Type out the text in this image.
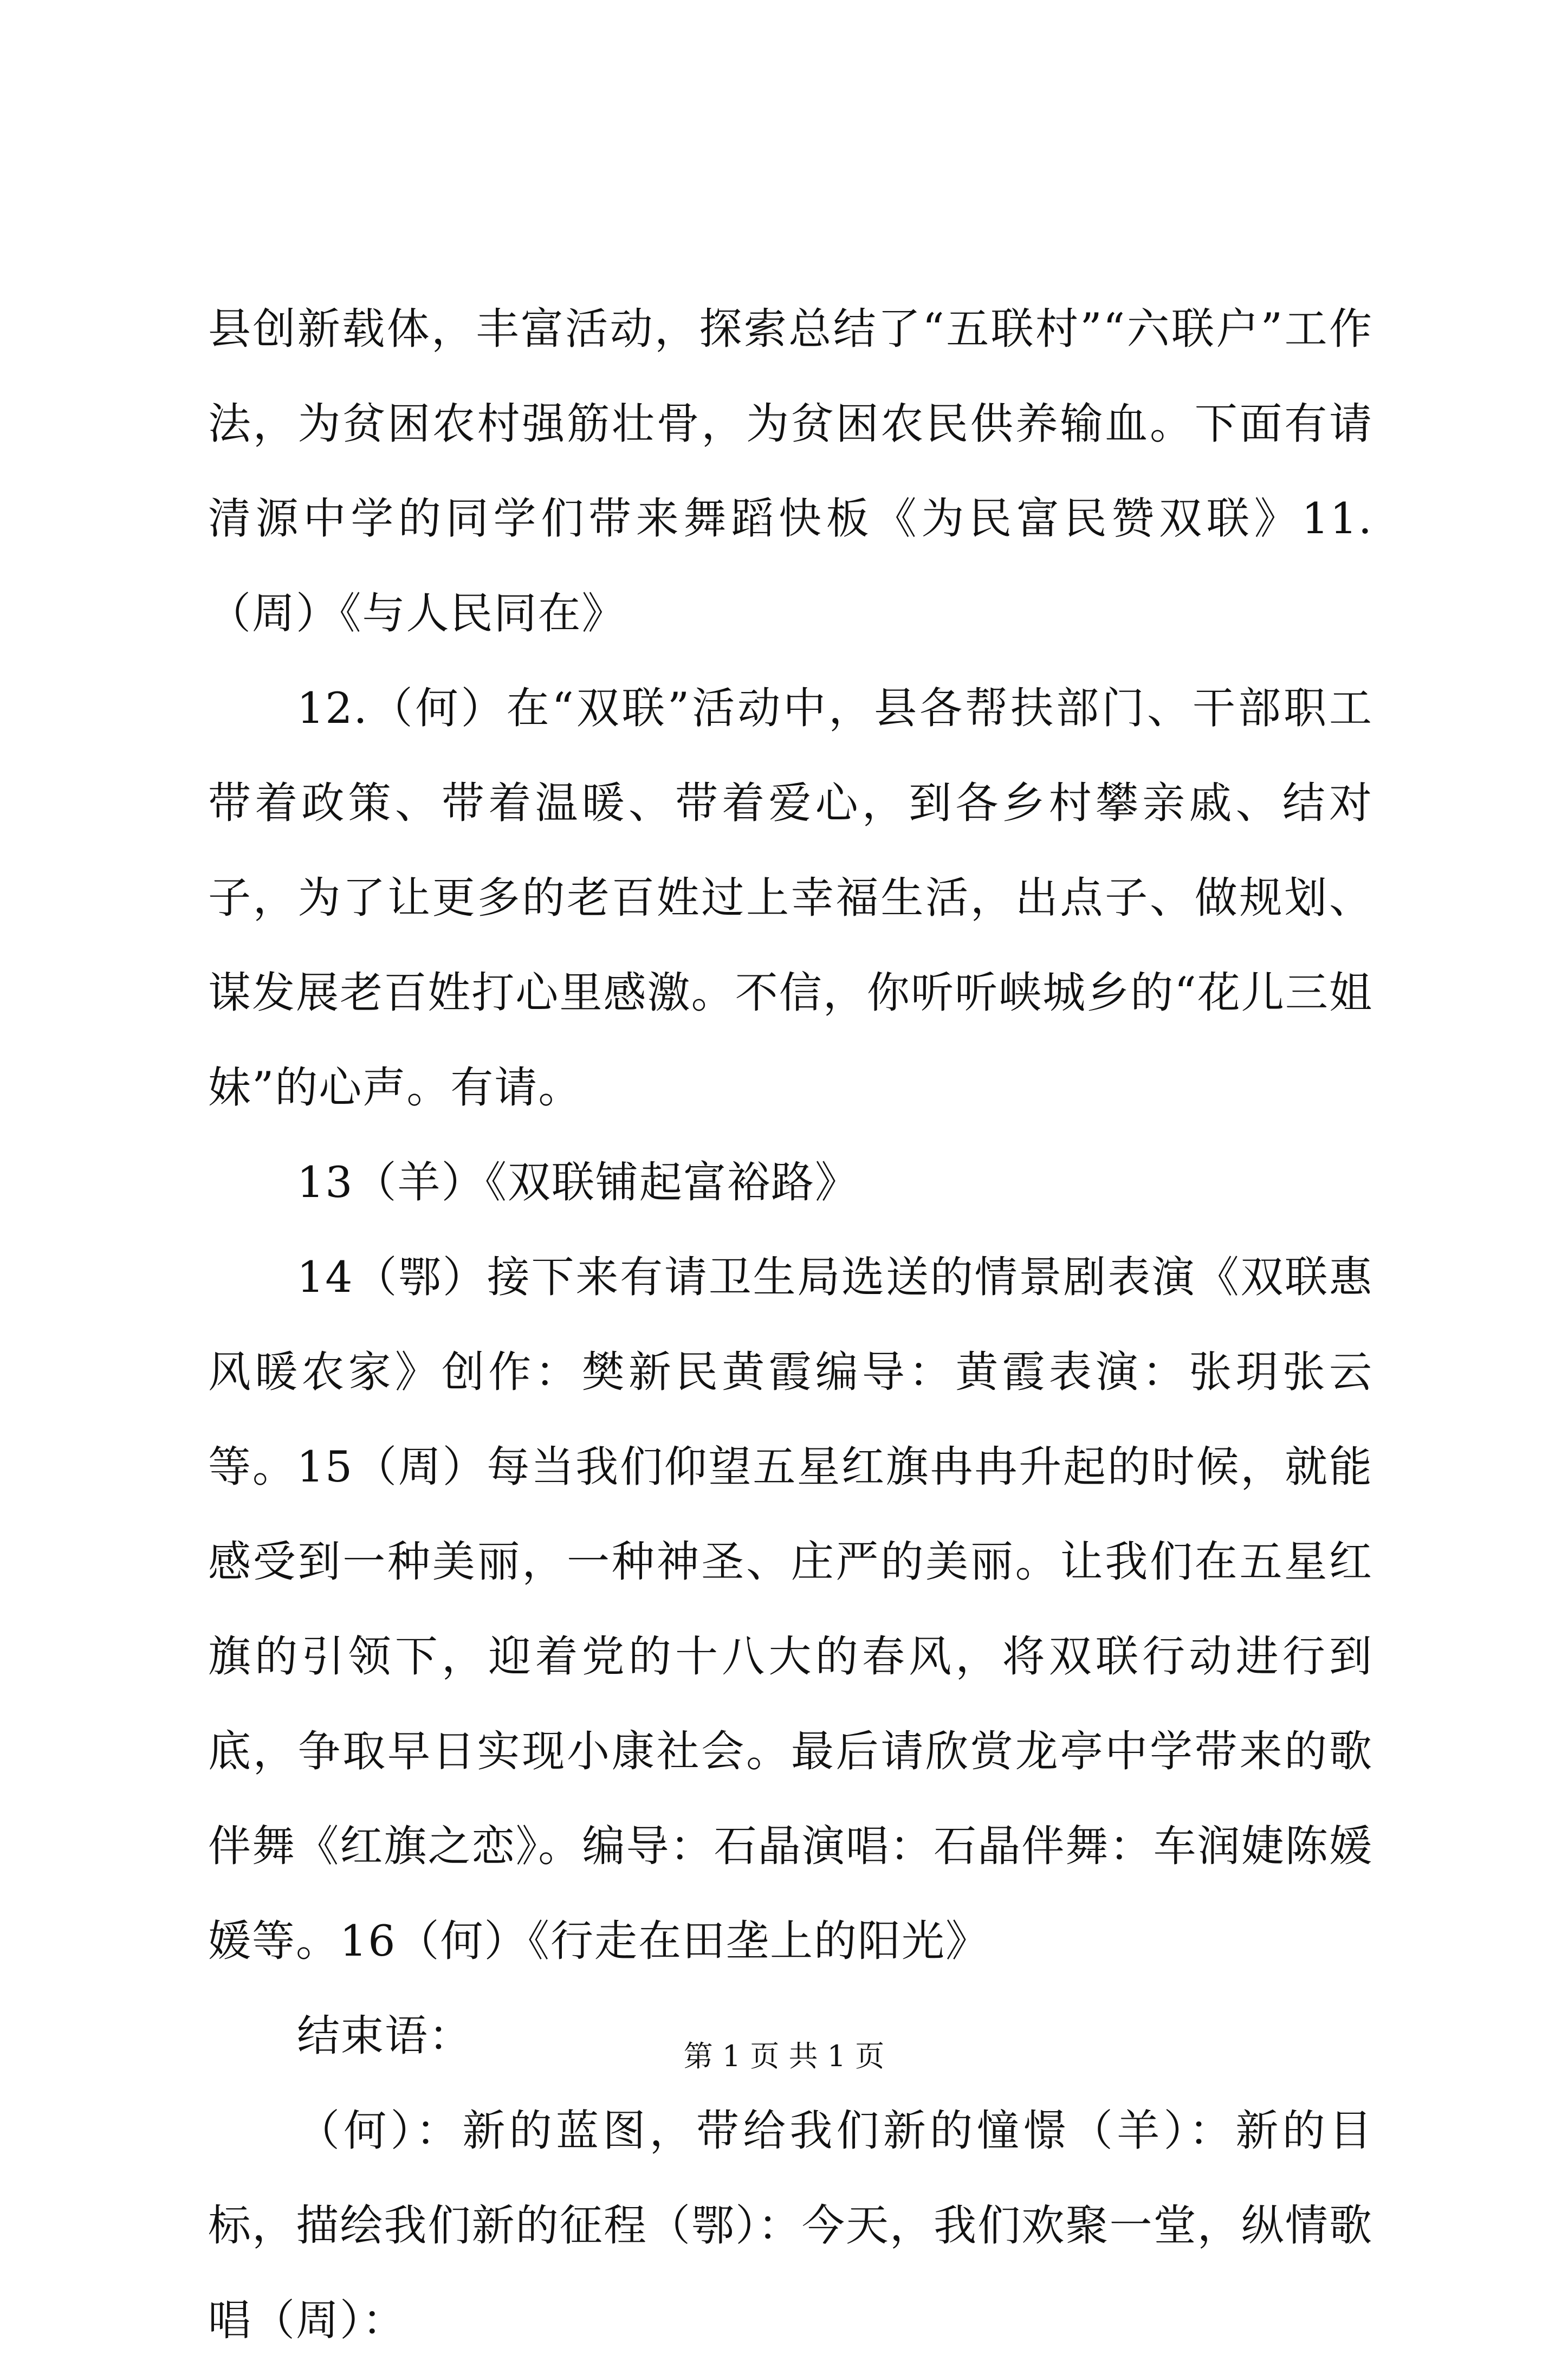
县创新载体，丰富活动，探索总结了“五联村”“六联户”工作法，为贫困农村强筋壮骨，为贫困农民供养输血。下面有请清源中学的同学们带来舞蹈快板《为民富民赞双联》11.（周）《与人民同在》

12.（何）在“双联”活动中，县各帮扶部门、干部职工带着政策、带着温暖、带着爱心，到各乡村攀亲戚、结对子，为了让更多的老百姓过上幸福生活，出点子、做规划、谋发展老百姓打心里感激。不信，你听听峡城乡的“花儿三姐妹”的心声。有请。

13（羊）《双联铺起富裕路》

14（鄂）接下来有请卫生局选送的情景剧表演《双联惠风暖农家》创作：樊新民黄霞编导：黄霞表演：张玥张云等。15（周）每当我们仰望五星红旗冉冉升起的时候，就能感受到一种美丽，一种神圣、庄严的美丽。让我们在五星红旗的引领下，迎着党的十八大的春风，将双联行动进行到底，争取早日实现小康社会。最后请欣赏龙亭中学带来的歌伴舞《红旗之恋》。编导：石晶演唱：石晶伴舞：车润婕陈媛媛等。16（何）《行走在田垄上的阳光》

结束语：

（何）：新的蓝图，带给我们新的憧憬（羊）：新的目标，描绘我们新的征程（鄂）：今天，我们欢聚一堂，纵情歌唱（周）：

第 1 页 共 1 页
